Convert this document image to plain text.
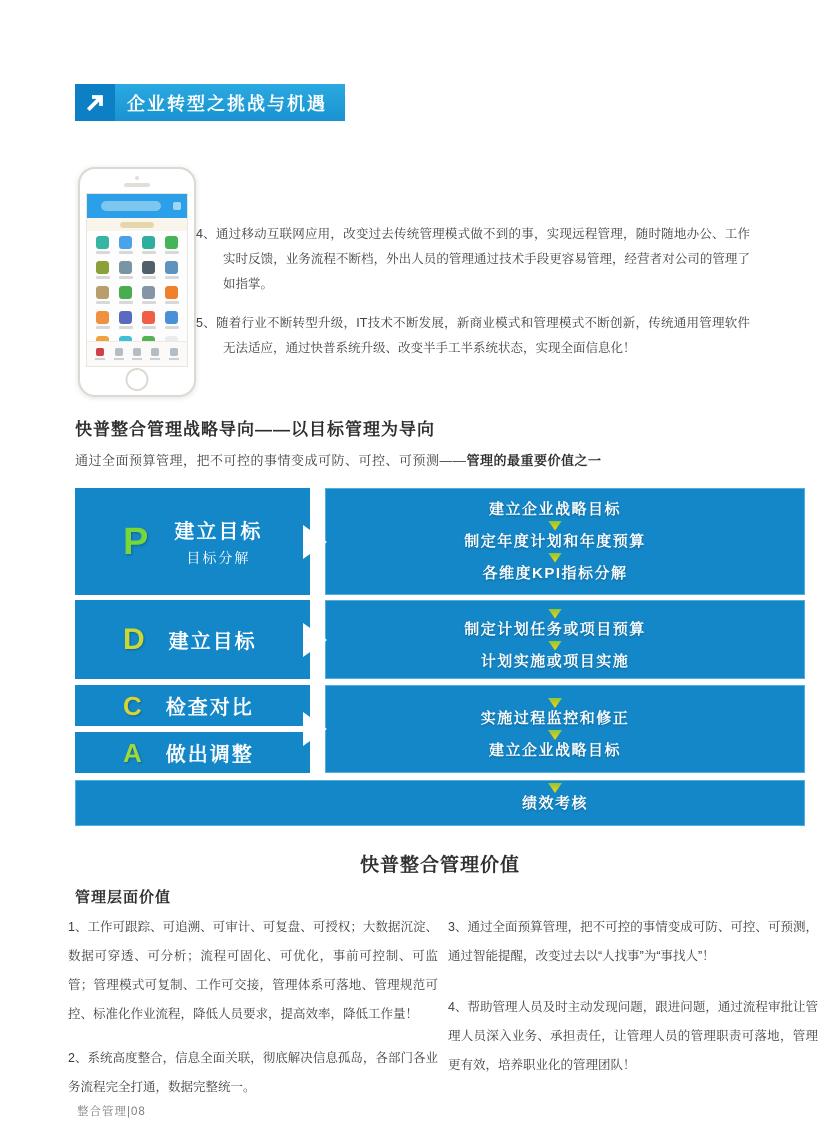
企业转型之挑战与机遇

4、通过移动互联网应用，改变过去传统管理模式做不到的事，实现远程管理，随时随地办公、工作实时反馈，业务流程不断档，外出人员的管理通过技术手段更容易管理，经营者对公司的管理了如指掌。

5、随着行业不断转型升级，IT技术不断发展，新商业模式和管理模式不断创新，传统通用管理软件无法适应，通过快普系统升级、改变半手工半系统状态，实现全面信息化！

快普整合管理战略导向——以目标管理为导向
通过全面预算管理，把不可控的事情变成可防、可控、可预测——管理的最重要价值之一
P 建立目标
目标分解
建立企业战略目标
制定年度计划和年度预算
各维度KPI指标分解
D 建立目标
制定计划任务或项目预算
计划实施或项目实施
C 检查对比
A 做出调整
实施过程监控和修正
建立企业战略目标
绩效考核
快普整合管理价值
管理层面价值

1、工作可跟踪、可追溯、可审计、可复盘、可授权；大数据沉淀、数据可穿透、可分析；流程可固化、可优化，事前可控制、可监管；管理模式可复制、工作可交接，管理体系可落地、管理规范可控、标准化作业流程，降低人员要求，提高效率，降低工作量！

2、系统高度整合，信息全面关联，彻底解决信息孤岛，各部门各业务流程完全打通，数据完整统一。

3、通过全面预算管理，把不可控的事情变成可防、可控、可预测，通过智能提醒，改变过去以“人找事”为“事找人”！

4、帮助管理人员及时主动发现问题，跟进问题，通过流程审批让管理人员深入业务、承担责任，让管理人员的管理职责可落地，管理更有效，培养职业化的管理团队！

整合管理|08
